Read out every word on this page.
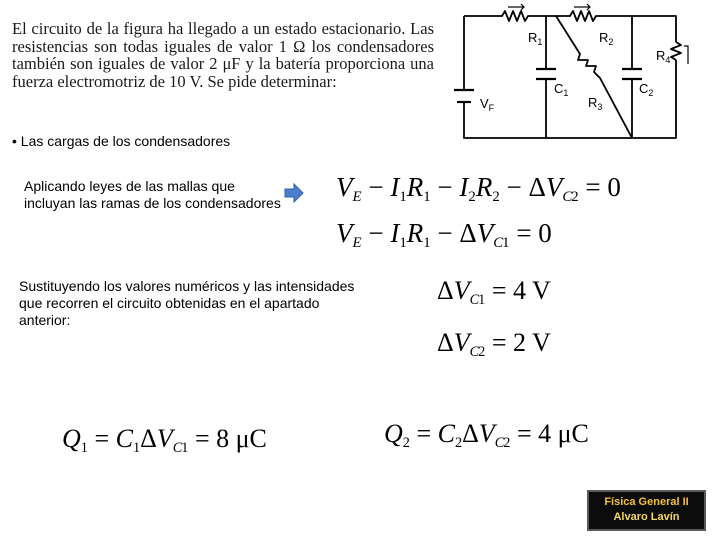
El circuito de la figura ha llegado a un estado estacionario. Las resistencias son todas iguales de valor 1 Ω los condensadores también son iguales de valor 2 μF y la batería proporciona una fuerza electromotriz de 10 V. Se pide determinar:

$R_1$	$R_2$
$R_4$
$C_1$	$C_2$
$R_3$
$V_F$
• Las cargas de los condensadores

Aplicando leyes de las mallas que incluyan las ramas de los condensadores

$V_E - I1R1 - I2R2 - \Delta V_C2 = 0$
$V_E - I1R1 - \Delta V_C1 = 0$

Sustituyendo los valores numéricos y las intensidades que recorren el circuito obtenidas en el apartado anterior:

$\Delta V_C1 = 4$ V
$\Delta V_C2 = 2$ V
$Q1 = C1\Delta V_C1 = 8$ μC	$Q2 = C2\Delta V_C2 = 4$ μC
Física General II
Alvaro Lavín
